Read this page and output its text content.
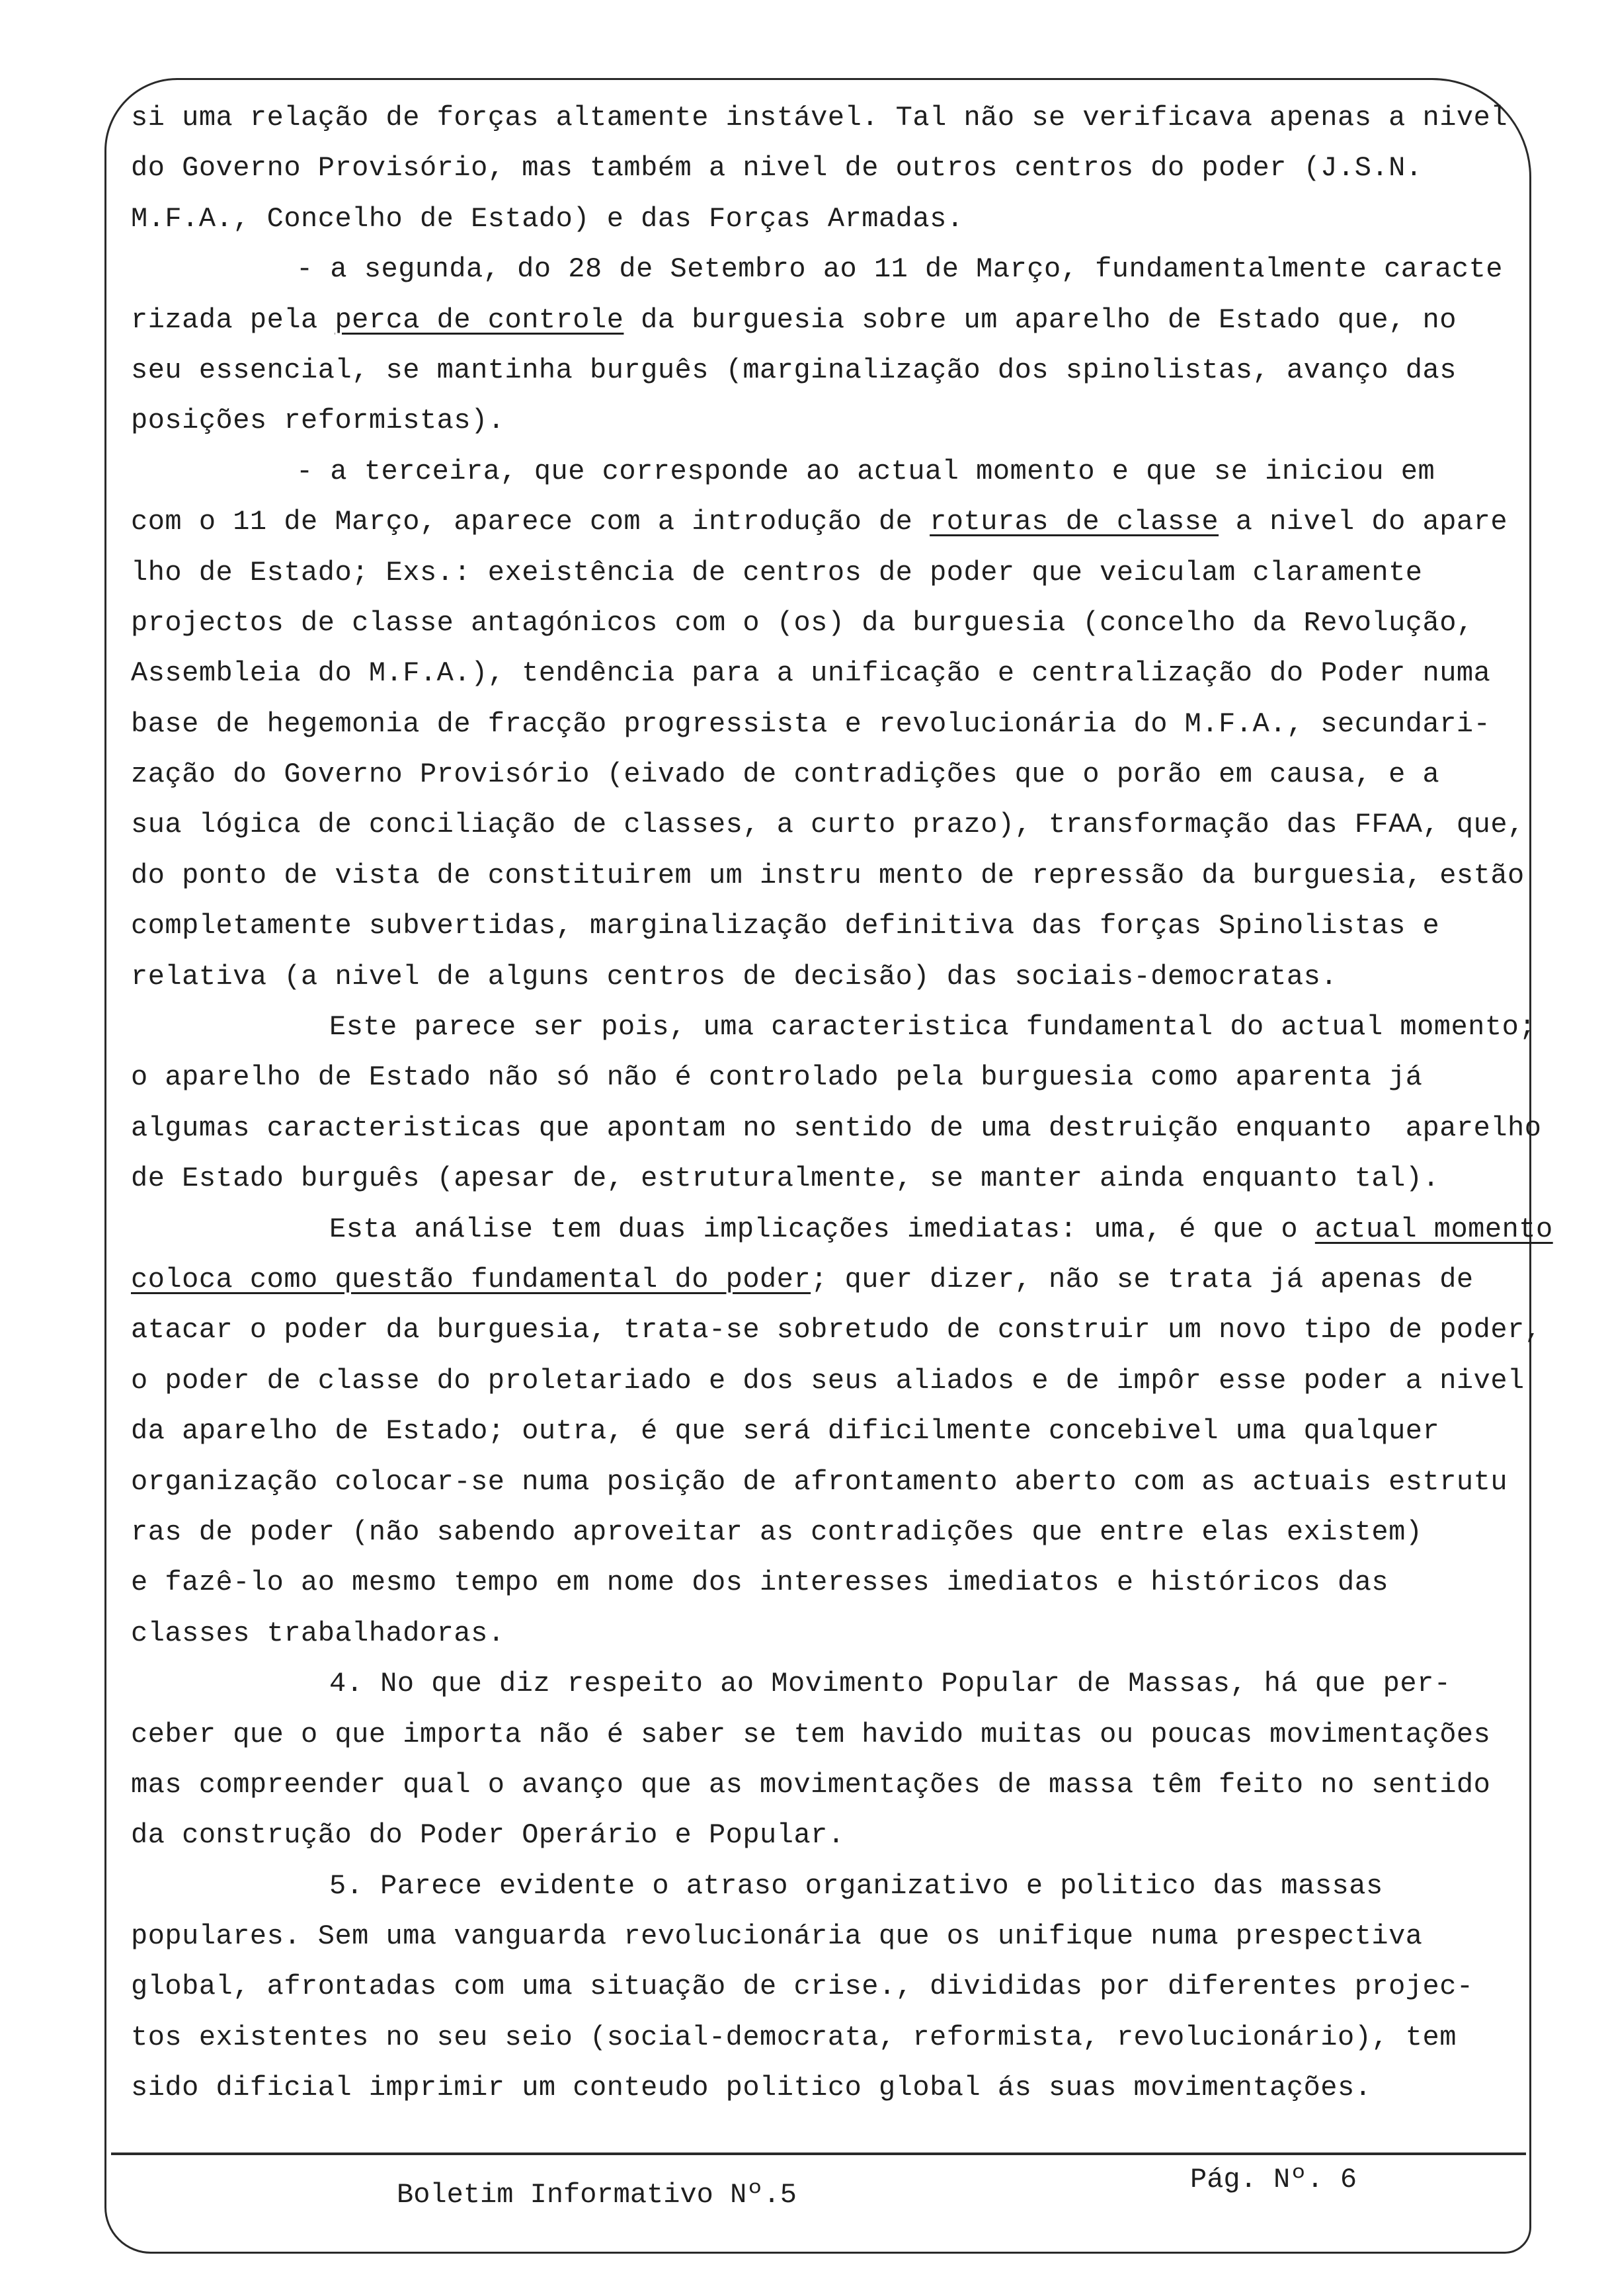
si uma relação de forças altamente instável. Tal não se verificava apenas a nivel
do Governo Provisório, mas também a nivel de outros centros do poder (J.S.N.
M.F.A., Concelho de Estado) e das Forças Armadas.
- a segunda, do 28 de Setembro ao 11 de Março, fundamentalmente caracte
rizada pela perca de controle da burguesia sobre um aparelho de Estado que, no
seu essencial, se mantinha burguês (marginalização dos spinolistas, avanço das
posições reformistas).
- a terceira, que corresponde ao actual momento e que se iniciou em
com o 11 de Março, aparece com a introdução de roturas de classe a nivel do apare
lho de Estado; Exs.: exeistência de centros de poder que veiculam claramente
projectos de classe antagónicos com o (os) da burguesia (concelho da Revolução,
Assembleia do M.F.A.), tendência para a unificação e centralização do Poder numa
base de hegemonia de fracção progressista e revolucionária do M.F.A., secundari-
zação do Governo Provisório (eivado de contradições que o porão em causa, e a
sua lógica de conciliação de classes, a curto prazo), transformação das FFAA, que,
do ponto de vista de constituirem um instru mento de repressão da burguesia, estão
completamente subvertidas, marginalização definitiva das forças Spinolistas e
relativa (a nivel de alguns centros de decisão) das sociais-democratas.
Este parece ser pois, uma caracteristica fundamental do actual momento;
o aparelho de Estado não só não é controlado pela burguesia como aparenta já
algumas caracteristicas que apontam no sentido de uma destruição enquanto  aparelho
de Estado burguês (apesar de, estruturalmente, se manter ainda enquanto tal).
Esta análise tem duas implicações imediatas: uma, é que o actual momento
coloca como questão fundamental do poder; quer dizer, não se trata já apenas de
atacar o poder da burguesia, trata-se sobretudo de construir um novo tipo de poder,
o poder de classe do proletariado e dos seus aliados e de impôr esse poder a nivel
da aparelho de Estado; outra, é que será dificilmente concebivel uma qualquer
organização colocar-se numa posição de afrontamento aberto com as actuais estrutu
ras de poder (não sabendo aproveitar as contradições que entre elas existem)
e fazê-lo ao mesmo tempo em nome dos interesses imediatos e históricos das
classes trabalhadoras.
4. No que diz respeito ao Movimento Popular de Massas, há que per-
ceber que o que importa não é saber se tem havido muitas ou poucas movimentações
mas compreender qual o avanço que as movimentações de massa têm feito no sentido
da construção do Poder Operário e Popular.
5. Parece evidente o atraso organizativo e politico das massas
populares. Sem uma vanguarda revolucionária que os unifique numa prespectiva
global, afrontadas com uma situação de crise., divididas por diferentes projec-
tos existentes no seu seio (social-democrata, reformista, revolucionário), tem
sido dificial imprimir um conteudo politico global ás suas movimentações.
Boletim Informativo Nº.5	Pág. Nº. 6
